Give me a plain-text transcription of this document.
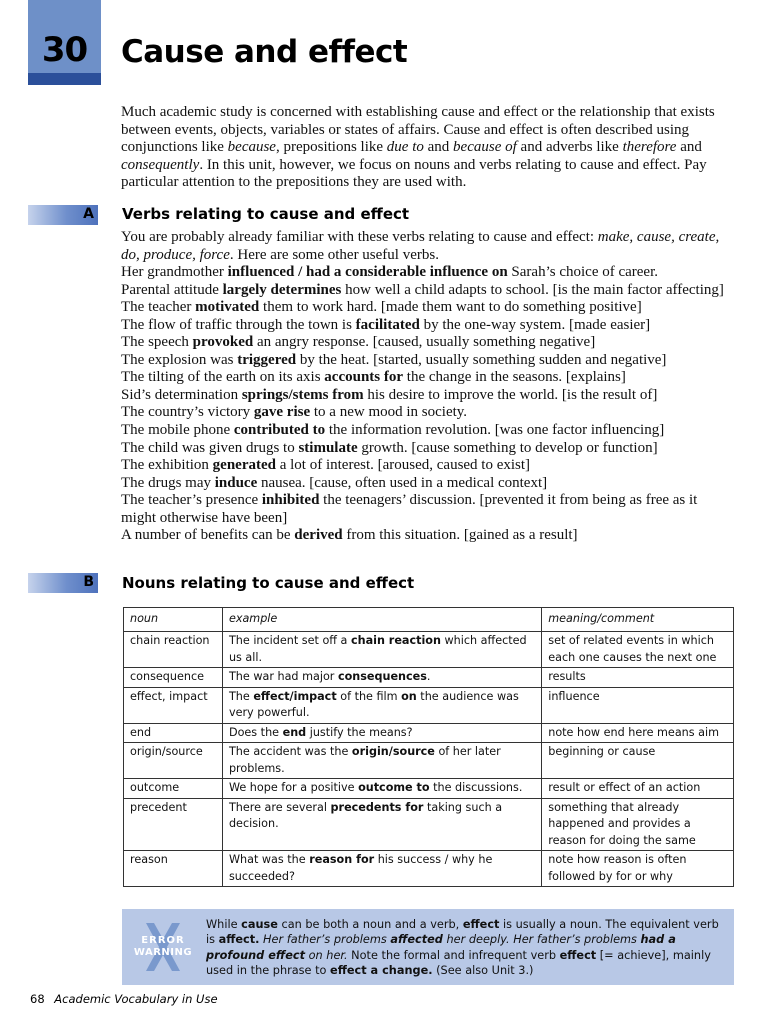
30	Cause and effect
Much academic study is concerned with establishing cause and effect or the relationship that exists between events, objects, variables or states of affairs. Cause and effect is often described using conjunctions like because, prepositions like due to and because of and adverbs like therefore and consequently. In this unit, however, we focus on nouns and verbs relating to cause and effect. Pay particular attention to the prepositions they are used with.
A Verbs relating to cause and effect

You are probably already familiar with these verbs relating to cause and effect: make, cause, create, do, produce, force. Here are some other useful verbs.

Her grandmother influenced / had a considerable influence on Sarah’s choice of career.

Parental attitude largely determines how well a child adapts to school. [is the main factor affecting]

The teacher motivated them to work hard. [made them want to do something positive]

The flow of traffic through the town is facilitated by the one-way system. [made easier]

The speech provoked an angry response. [caused, usually something negative]

The explosion was triggered by the heat. [started, usually something sudden and negative]

The tilting of the earth on its axis accounts for the change in the seasons. [explains]

Sid’s determination springs/stems from his desire to improve the world. [is the result of]

The country’s victory gave rise to a new mood in society.

The mobile phone contributed to the information revolution. [was one factor influencing]

The child was given drugs to stimulate growth. [cause something to develop or function]

The exhibition generated a lot of interest. [aroused, caused to exist]

The drugs may induce nausea. [cause, often used in a medical context]

The teacher’s presence inhibited the teenagers’ discussion. [prevented it from being as free as it might otherwise have been]

A number of benefits can be derived from this situation. [gained as a result]

B Nouns relating to cause and effect
noun	example	meaning/comment
chain reaction	The incident set off a chain reaction which affected us all.	set of related events in which each one causes the next one
consequence	The war had major consequences.	results
effect, impact	The effect/impact of the film on the audience was very powerful.	influence
end	Does the end justify the means?	note how end here means aim
origin/source	The accident was the origin/source of her later problems.	beginning or cause
outcome	We hope for a positive outcome to the discussions.	result or effect of an action
precedent	There are several precedents for taking such a decision.	something that already happened and provides a reason for doing the same
reason	What was the reason for his success / why he succeeded?	note how reason is often followed by for or why
ERROR
WARNING
While cause can be both a noun and a verb, effect is usually a noun. The equivalent verb is affect. Her father’s problems affected her deeply. Her father’s problems had a profound effect on her. Note the formal and infrequent verb effect [= achieve], mainly used in the phrase to effect a change. (See also Unit 3.)
68 Academic Vocabulary in Use
